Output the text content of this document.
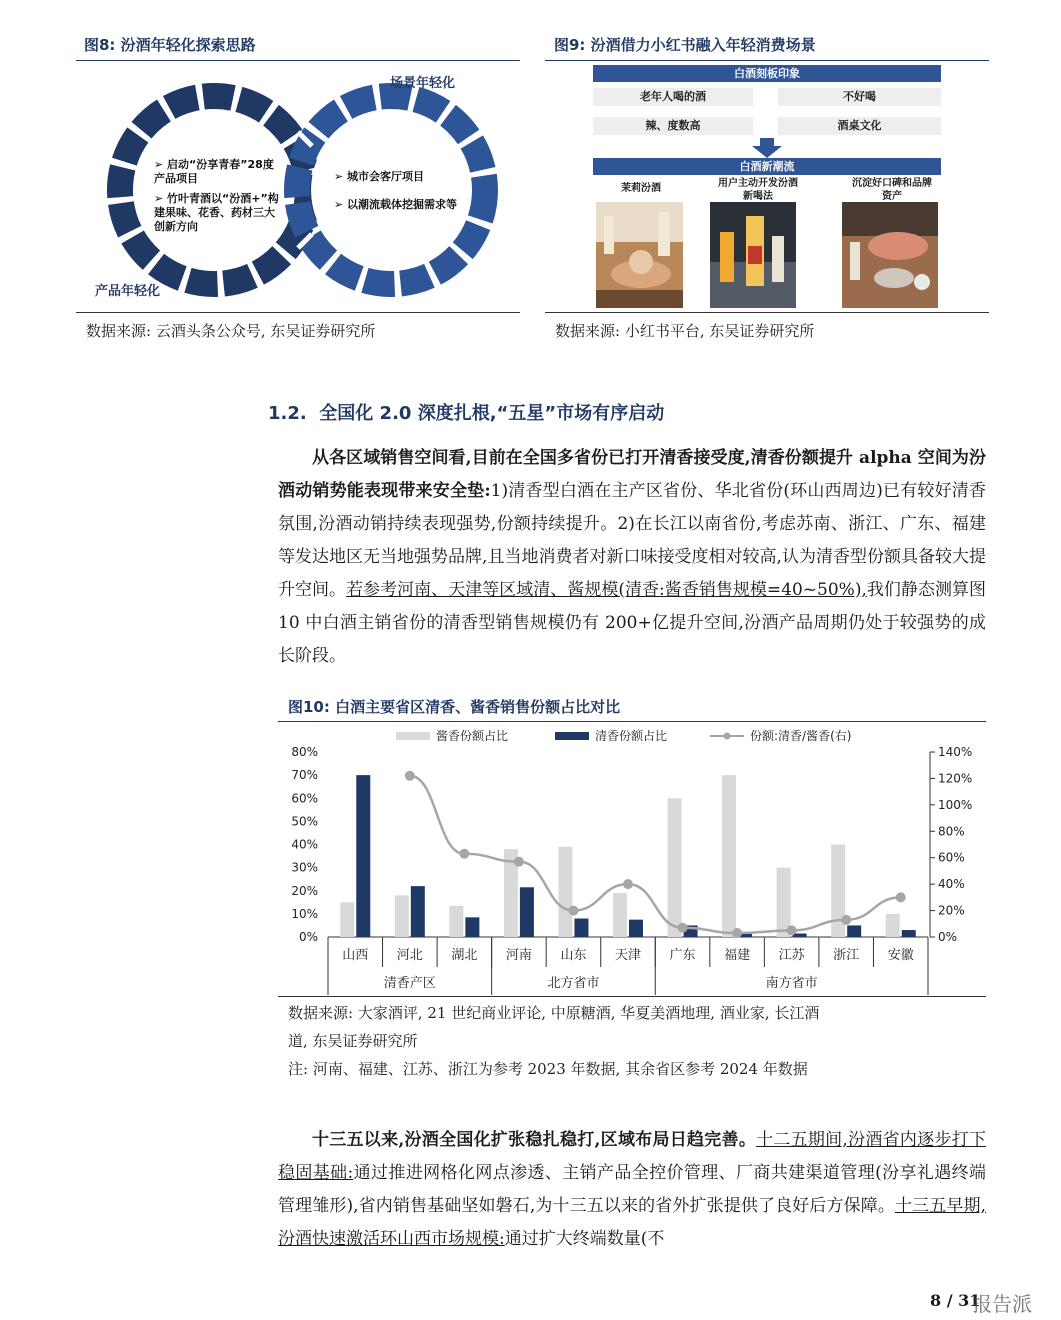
图8: 汾酒年轻化探索思路
场景年轻化
产品年轻化
➢ 启动“汾享青春”28度产品项目
➢ 竹叶青酒以“汾酒+”构建果味、花香、药材三大创新方向
➢ 城市会客厅项目
➢ 以潮流载体挖掘需求等
数据来源: 云酒头条公众号, 东吴证券研究所
图9: 汾酒借力小红书融入年轻消费场景
白酒刻板印象
老年人喝的酒	不好喝
辣、度数高	酒桌文化
白酒新潮流
茉莉汾酒	用户主动开发汾酒新喝法
沉淀好口碑和品牌资产
数据来源: 小红书平台, 东吴证券研究所
1.2. 全国化 2.0 深度扎根,“五星”市场有序启动
从各区域销售空间看,目前在全国多省份已打开清香接受度,清香份额提升 alpha 空间为汾酒动销势能表现带来安全垫:1)清香型白酒在主产区省份、华北省份(环山西周边)已有较好清香氛围,汾酒动销持续表现强势,份额持续提升。2)在长江以南省份,考虑苏南、浙江、广东、福建等发达地区无当地强势品牌,且当地消费者对新口味接受度相对较高,认为清香型份额具备较大提升空间。若参考河南、天津等区域清、酱规模(清香:酱香销售规模=40~50%),我们静态测算图 10 中白酒主销省份的清香型销售规模仍有 200+亿提升空间,汾酒产品周期仍处于较强势的成长阶段。
图10: 白酒主要省区清香、酱香销售份额占比对比
酱香份额占比	清香份额占比	份额:清香/酱香(右)
0%
10%
20%
30%
40%
50%
60%
70%
80%
0%
20%
40%
60%
80%
100%
120%
140%
山西 河北 湖北 河南 山东 天津 广东 福建 江苏 浙江 安徽
清香产区	北方省市	南方省市
数据来源: 大家酒评, 21 世纪商业评论, 中原糖酒, 华夏美酒地理, 酒业家, 长江酒
道, 东吴证券研究所
注: 河南、福建、江苏、浙江为参考 2023 年数据, 其余省区参考 2024 年数据
十三五以来,汾酒全国化扩张稳扎稳打,区域布局日趋完善。十二五期间,汾酒省内逐步打下稳固基础:通过推进网格化网点渗透、主销产品全控价管理、厂商共建渠道管理(汾享礼遇终端管理雏形),省内销售基础坚如磐石,为十三五以来的省外扩张提供了良好后方保障。十三五早期,汾酒快速激活环山西市场规模:通过扩大终端数量(不
8 / 31
报告派
